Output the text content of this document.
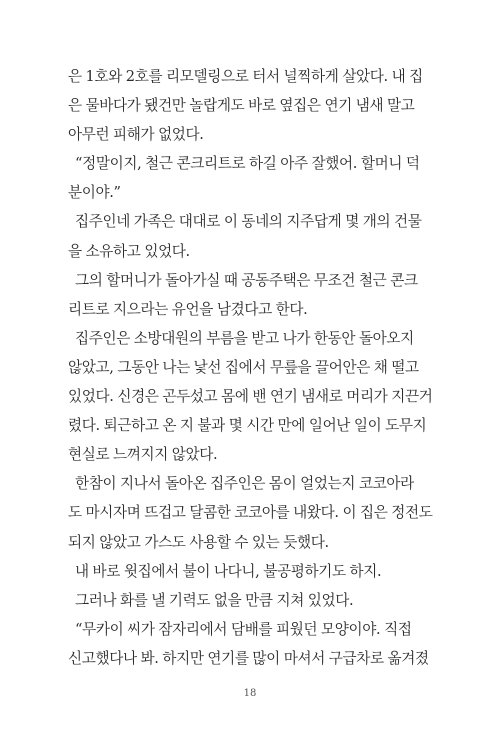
은 1호와 2호를 리모델링으로 터서 널찍하게 살았다. 내 집
은 물바다가 됐건만 놀랍게도 바로 옆집은 연기 냄새 말고
아무런 피해가 없었다.
“정말이지, 철근 콘크리트로 하길 아주 잘했어. 할머니 덕
분이야.”
집주인네 가족은 대대로 이 동네의 지주답게 몇 개의 건물
을 소유하고 있었다.
그의 할머니가 돌아가실 때 공동주택은 무조건 철근 콘크
리트로 지으라는 유언을 남겼다고 한다.
집주인은 소방대원의 부름을 받고 나가 한동안 돌아오지
않았고, 그동안 나는 낯선 집에서 무릎을 끌어안은 채 떨고
있었다. 신경은 곤두섰고 몸에 밴 연기 냄새로 머리가 지끈거
렸다. 퇴근하고 온 지 불과 몇 시간 만에 일어난 일이 도무지
현실로 느껴지지 않았다.
한참이 지나서 돌아온 집주인은 몸이 얼었는지 코코아라
도 마시자며 뜨겁고 달콤한 코코아를 내왔다. 이 집은 정전도
되지 않았고 가스도 사용할 수 있는 듯했다.
내 바로 윗집에서 불이 나다니, 불공평하기도 하지.
그러나 화를 낼 기력도 없을 만큼 지쳐 있었다.
“무카이 씨가 잠자리에서 담배를 피웠던 모양이야. 직접
신고했다나 봐. 하지만 연기를 많이 마셔서 구급차로 옮겨졌
18
